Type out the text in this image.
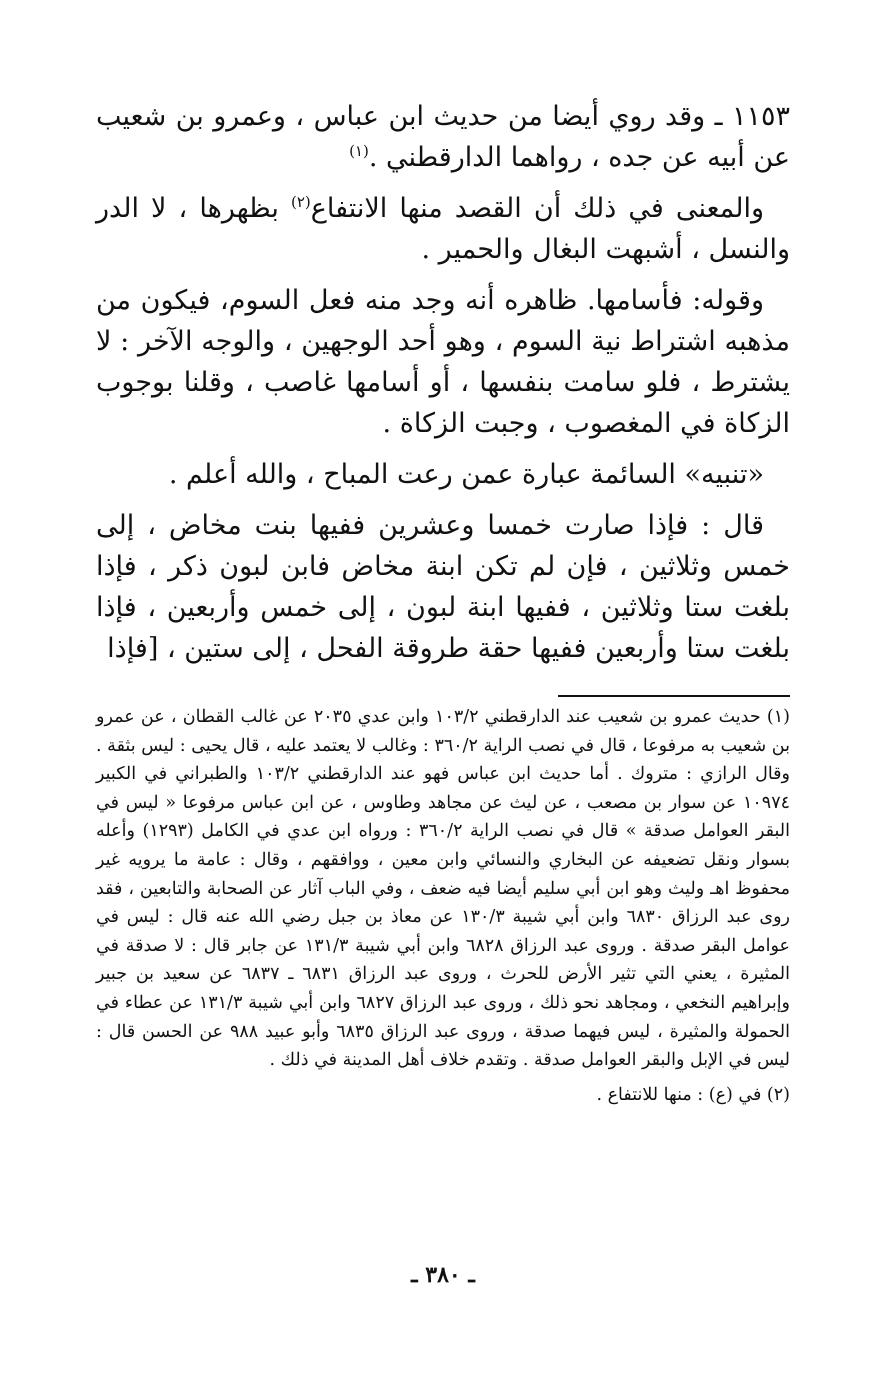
١١٥٣ ـ وقد روي أيضا من حديث ابن عباس ، وعمرو بن شعيب عن أبيه عن جده ، رواهما الدارقطني .$^{(١)}$

والمعنى في ذلك أن القصد منها الانتفاع$^{(٢)}$ بظهرها ، لا الدر والنسل ، أشبهت البغال والحمير .

وقوله: فأسامها. ظاهره أنه وجد منه فعل السوم، فيكون من مذهبه اشتراط نية السوم ، وهو أحد الوجهين ، والوجه الآخر : لا يشترط ، فلو سامت بنفسها ، أو أسامها غاصب ، وقلنا بوجوب الزكاة في المغصوب ، وجبت الزكاة .

«تنبيه» السائمة عبارة عمن رعت المباح ، والله أعلم .

قال : فإذا صارت خمسا وعشرين ففيها بنت مخاض ، إلى خمس وثلاثين ، فإن لم تكن ابنة مخاض فابن لبون ذكر ، فإذا بلغت ستا وثلاثين ، ففيها ابنة لبون ، إلى خمس وأربعين ، فإذا بلغت ستا وأربعين ففيها حقة طروقة الفحل ، إلى ستين ، [فإذا

(١) حديث عمرو بن شعيب عند الدارقطني ١٠٣/٢ وابن عدي ٢٠٣٥ عن غالب القطان ، عن عمرو بن شعيب به مرفوعا ، قال في نصب الراية ٣٦٠/٢ : وغالب لا يعتمد عليه ، قال يحيى : ليس بثقة . وقال الرازي : متروك . أما حديث ابن عباس فهو عند الدارقطني ١٠٣/٢ والطبراني في الكبير ١٠٩٧٤ عن سوار بن مصعب ، عن ليث عن مجاهد وطاوس ، عن ابن عباس مرفوعا « ليس في البقر العوامل صدقة » قال في نصب الراية ٣٦٠/٢ : ورواه ابن عدي في الكامل (١٢٩٣) وأعله بسوار ونقل تضعيفه عن البخاري والنسائي وابن معين ، ووافقهم ، وقال : عامة ما يرويه غير محفوظ اهـ وليث وهو ابن أبي سليم أيضا فيه ضعف ، وفي الباب آثار عن الصحابة والتابعين ، فقد روى عبد الرزاق ٦٨٣٠ وابن أبي شيبة ١٣٠/٣ عن معاذ بن جبل رضي الله عنه قال : ليس في عوامل البقر صدقة . وروى عبد الرزاق ٦٨٢٨ وابن أبي شيبة ١٣١/٣ عن جابر قال : لا صدقة في المثيرة ، يعني التي تثير الأرض للحرث ، وروى عبد الرزاق ٦٨٣١ ـ ٦٨٣٧ عن سعيد بن جبير وإبراهيم النخعي ، ومجاهد نحو ذلك ، وروى عبد الرزاق ٦٨٢٧ وابن أبي شيبة ١٣١/٣ عن عطاء في الحمولة والمثيرة ، ليس فيهما صدقة ، وروى عبد الرزاق ٦٨٣٥ وأبو عبيد ٩٨٨ عن الحسن قال : ليس في الإبل والبقر العوامل صدقة . وتقدم خلاف أهل المدينة في ذلك .

(٢) في (ع) : منها للانتفاع .

ـ ٣٨٠ ـ
